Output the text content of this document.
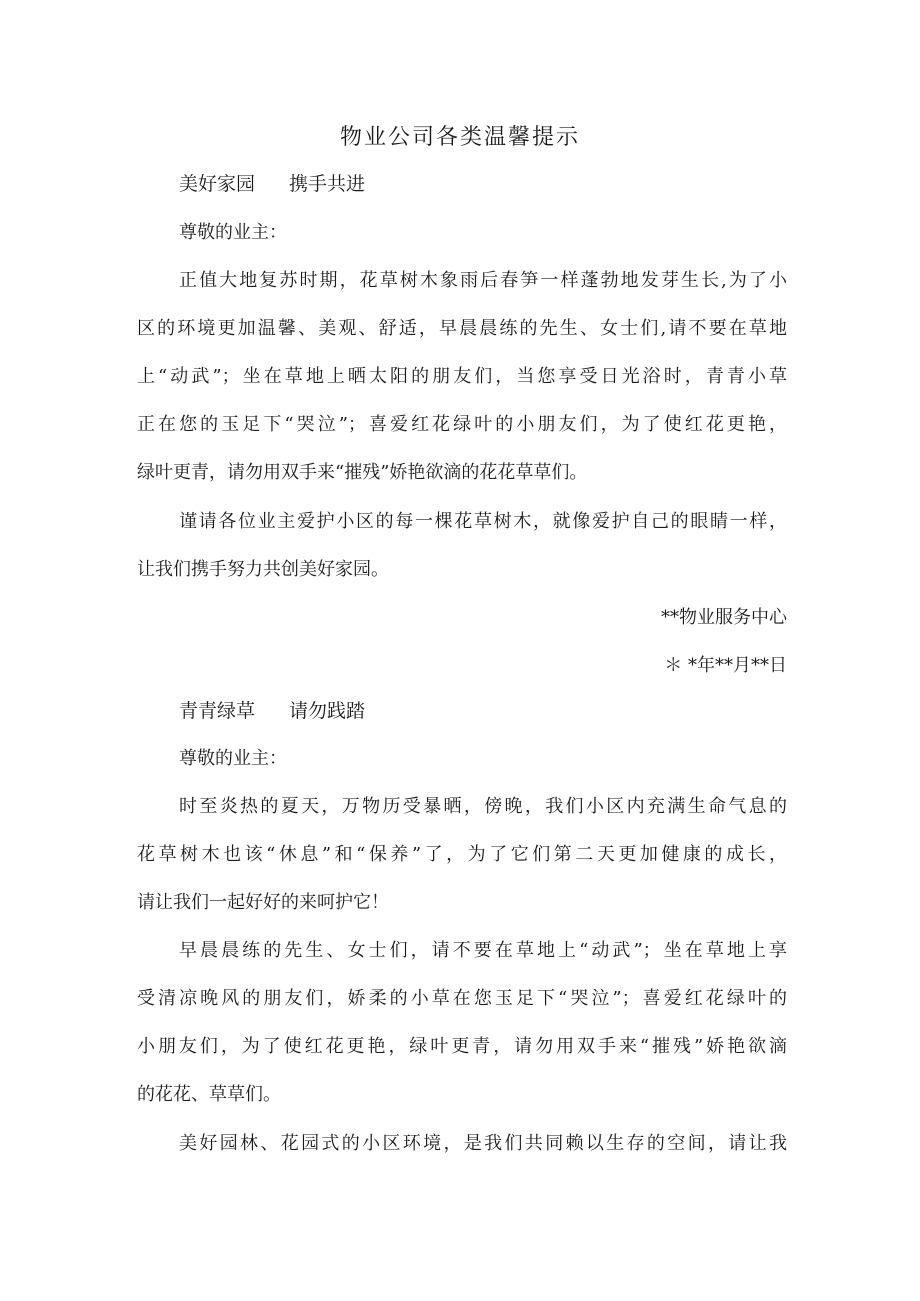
物业公司各类温馨提示
美好家园 携手共进
尊敬的业主：
正值大地复苏时期，花草树木象雨后春笋一样蓬勃地发芽生长,为了小
区的环境更加温馨、美观、舒适，早晨晨练的先生、女士们,请不要在草地
上“动武”；坐在草地上晒太阳的朋友们，当您享受日光浴时，青青小草
正在您的玉足下“哭泣”；喜爱红花绿叶的小朋友们，为了使红花更艳，
绿叶更青，请勿用双手来“摧残”娇艳欲滴的花花草草们。
谨请各位业主爱护小区的每一棵花草树木，就像爱护自己的眼睛一样，
让我们携手努力共创美好家园。
**物业服务中心
＊ *年**月**日
青青绿草 请勿践踏
尊敬的业主：
时至炎热的夏天，万物历受暴晒，傍晚，我们小区内充满生命气息的
花草树木也该“休息”和“保养”了，为了它们第二天更加健康的成长，
请让我们一起好好的来呵护它！
早晨晨练的先生、女士们，请不要在草地上“动武”；坐在草地上享
受清凉晚风的朋友们，娇柔的小草在您玉足下“哭泣”；喜爱红花绿叶的
小朋友们，为了使红花更艳，绿叶更青，请勿用双手来“摧残”娇艳欲滴
的花花、草草们。
美好园林、花园式的小区环境，是我们共同赖以生存的空间，请让我
